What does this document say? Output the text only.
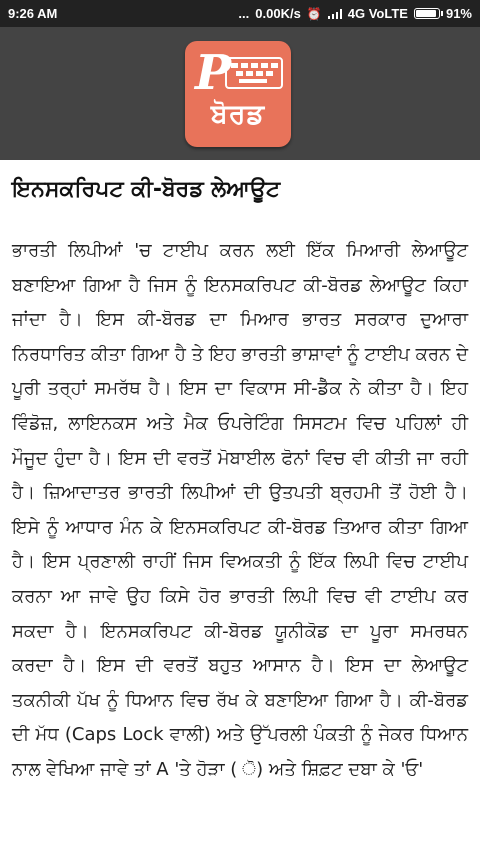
9:26 AM	... 0.00K/s ⏰ 4G VoLTE	91%
P
ਬੋਰਡ
ਇਨਸਕਰਿਪਟ ਕੀ-ਬੋਰਡ ਲੇਆਊਟ

ਭਾਰਤੀ ਲਿਪੀਆਂ 'ਚ ਟਾਈਪ ਕਰਨ ਲਈ ਇੱਕ ਮਿਆਰੀ ਲੇਆਊਟ ਬਣਾਇਆ ਗਿਆ ਹੈ ਜਿਸ ਨੂੰ ਇਨਸਕਰਿਪਟ ਕੀ-ਬੋਰਡ ਲੇਆਊਟ ਕਿਹਾ ਜਾਂਦਾ ਹੈ। ਇਸ ਕੀ-ਬੋਰਡ ਦਾ ਮਿਆਰ ਭਾਰਤ ਸਰਕਾਰ ਦੁਆਰਾ ਨਿਰਧਾਰਿਤ ਕੀਤਾ ਗਿਆ ਹੈ ਤੇ ਇਹ ਭਾਰਤੀ ਭਾਸ਼ਾਵਾਂ ਨੂੰ ਟਾਈਪ ਕਰਨ ਦੇ ਪੂਰੀ ਤਰ੍ਹਾਂ ਸਮਰੱਥ ਹੈ। ਇਸ ਦਾ ਵਿਕਾਸ ਸੀ-ਡੈੱਕ ਨੇ ਕੀਤਾ ਹੈ। ਇਹ ਵਿੰਡੋਜ਼, ਲਾਇਨਕਸ ਅਤੇ ਮੈਕ ਓਪਰੇਟਿੰਗ ਸਿਸਟਮ ਵਿਚ ਪਹਿਲਾਂ ਹੀ ਮੌਜੂਦ ਹੁੰਦਾ ਹੈ। ਇਸ ਦੀ ਵਰਤੋਂ ਮੋਬਾਈਲ ਫੋਨਾਂ ਵਿਚ ਵੀ ਕੀਤੀ ਜਾ ਰਹੀ ਹੈ। ਜ਼ਿਆਦਾਤਰ ਭਾਰਤੀ ਲਿਪੀਆਂ ਦੀ ਉਤਪਤੀ ਬ੍ਰਹਮੀ ਤੋਂ ਹੋਈ ਹੈ। ਇਸੇ ਨੂੰ ਆਧਾਰ ਮੰਨ ਕੇ ਇਨਸਕਰਿਪਟ ਕੀ-ਬੋਰਡ ਤਿਆਰ ਕੀਤਾ ਗਿਆ ਹੈ। ਇਸ ਪ੍ਰਣਾਲੀ ਰਾਹੀਂ ਜਿਸ ਵਿਅਕਤੀ ਨੂੰ ਇੱਕ ਲਿਪੀ ਵਿਚ ਟਾਈਪ ਕਰਨਾ ਆ ਜਾਵੇ ਉਹ ਕਿਸੇ ਹੋਰ ਭਾਰਤੀ ਲਿਪੀ ਵਿਚ ਵੀ ਟਾਈਪ ਕਰ ਸਕਦਾ ਹੈ। ਇਨਸਕਰਿਪਟ ਕੀ-ਬੋਰਡ ਯੂਨੀਕੋਡ ਦਾ ਪੂਰਾ ਸਮਰਥਨ ਕਰਦਾ ਹੈ। ਇਸ ਦੀ ਵਰਤੋਂ ਬਹੁਤ ਆਸਾਨ ਹੈ। ਇਸ ਦਾ ਲੇਆਊਟ ਤਕਨੀਕੀ ਪੱਖ ਨੂੰ ਧਿਆਨ ਵਿਚ ਰੱਖ ਕੇ ਬਣਾਇਆ ਗਿਆ ਹੈ। ਕੀ-ਬੋਰਡ ਦੀ ਮੱਧ (Caps Lock ਵਾਲੀ) ਅਤੇ ਉੱਪਰਲੀ ਪੰਕਤੀ ਨੂੰ ਜੇਕਰ ਧਿਆਨ ਨਾਲ ਵੇਖਿਆ ਜਾਵੇ ਤਾਂ A 'ਤੇ ਹੋੜਾ ( ੋ) ਅਤੇ ਸ਼ਿਫ਼ਟ ਦਬਾ ਕੇ 'ਓ'
